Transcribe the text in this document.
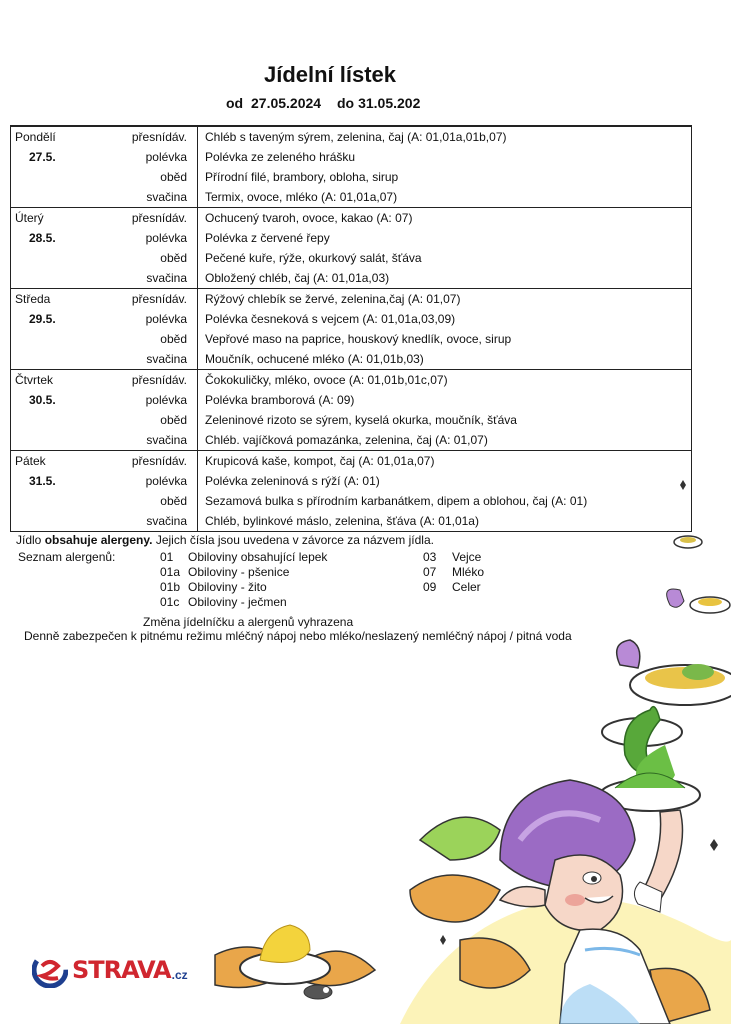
Jídelní lístek
od 27.05.2024 do 31.05.202
Pondělí
27.5.
přesnídáv. Chléb s taveným sýrem, zelenina, čaj (A: 01,01a,01b,07)
polévka Polévka ze zeleného hrášku
oběd Přírodní filé, brambory, obloha, sirup
svačina Termix, ovoce, mléko (A: 01,01a,07)
Úterý
28.5.
přesnídáv. Ochucený tvaroh, ovoce, kakao (A: 07)
polévka Polévka z červené řepy
oběd Pečené kuře, rýže, okurkový salát, šťáva
svačina Obložený chléb, čaj (A: 01,01a,03)
Středa
29.5.
přesnídáv. Rýžový chlebík se žervé, zelenina,čaj (A: 01,07)
polévka Polévka česneková s vejcem (A: 01,01a,03,09)
oběd Vepřové maso na paprice, houskový knedlík, ovoce, sirup
svačina Moučník, ochucené mléko (A: 01,01b,03)
Čtvrtek
30.5.
přesnídáv. Čokokuličky, mléko, ovoce (A: 01,01b,01c,07)
polévka Polévka bramborová (A: 09)
oběd Zeleninové rizoto se sýrem, kyselá okurka, moučník, šťáva
svačina Chléb. vajíčková pomazánka, zelenina, čaj (A: 01,07)
Pátek
31.5.
přesnídáv. Krupicová kaše, kompot, čaj (A: 01,01a,07)
polévka Polévka zeleninová s rýží (A: 01)
oběd Sezamová bulka s přírodním karbanátkem, dipem a oblohou, čaj (A: 01)
svačina Chléb, bylinkové máslo, zelenina, šťáva (A: 01,01a)
Jídlo obsahuje alergeny. Jejich čísla jsou uvedena v závorce za názvem jídla.
Seznam alergenů:	01 Obiloviny obsahující lepek
01a Obiloviny - pšenice
01b Obiloviny - žito
01c Obiloviny - ječmen
03 Vejce
07 Mléko
09 Celer
Změna jídelníčku a alergenů vyhrazena
Denně zabezpečen k pitnému režimu mléčný nápoj nebo mléko/neslazený nemléčný nápoj / pitná voda
STRAVA .cz
